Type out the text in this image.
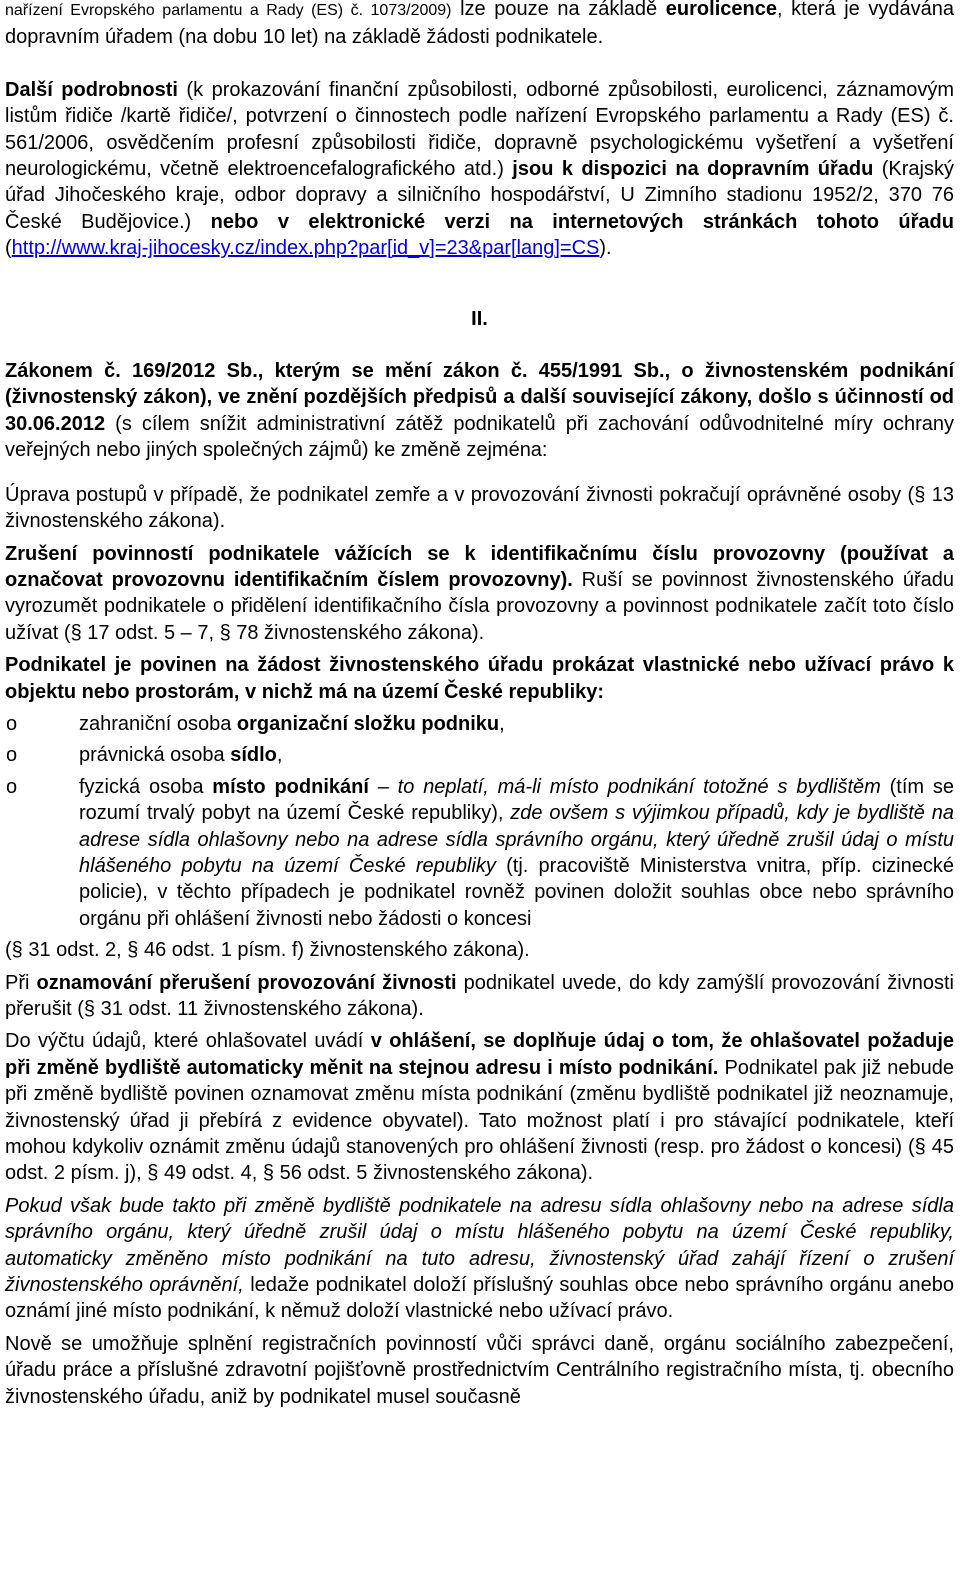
nařízení Evropského parlamentu a Rady (ES) č. 1073/2009) lze pouze na základě eurolicence, která je vydávána dopravním úřadem (na dobu 10 let) na základě žádosti podnikatele.

Další podrobnosti (k prokazování finanční způsobilosti, odborné způsobilosti, eurolicenci, záznamovým listům řidiče /kartě řidiče/, potvrzení o činnostech podle nařízení Evropského parlamentu a Rady (ES) č. 561/2006, osvědčením profesní způsobilosti řidiče, dopravně psychologickému vyšetření a vyšetření neurologickému, včetně elektroencefalografického atd.) jsou k dispozici na dopravním úřadu (Krajský úřad Jihočeského kraje, odbor dopravy a silničního hospodářství, U Zimního stadionu 1952/2, 370 76 České Budějovice.) nebo v elektronické verzi na internetových stránkách tohoto úřadu (http://www.kraj-jihocesky.cz/index.php?par[id_v]=23&par[lang]=CS).

II.

Zákonem č. 169/2012 Sb., kterým se mění zákon č. 455/1991 Sb., o živnostenském podnikání (živnostenský zákon), ve znění pozdějších předpisů a další související zákony, došlo s účinností od 30.06.2012 (s cílem snížit administrativní zátěž podnikatelů při zachování odůvodnitelné míry ochrany veřejných nebo jiných společných zájmů) ke změně zejména:

Úprava postupů v případě, že podnikatel zemře a v provozování živnosti pokračují oprávněné osoby (§ 13 živnostenského zákona).

Zrušení povinností podnikatele vážících se k identifikačnímu číslu provozovny (používat a označovat provozovnu identifikačním číslem provozovny). Ruší se povinnost živnostenského úřadu vyrozumět podnikatele o přidělení identifikačního čísla provozovny a povinnost podnikatele začít toto číslo užívat (§ 17 odst. 5 – 7, § 78 živnostenského zákona).

Podnikatel je povinen na žádost živnostenského úřadu prokázat vlastnické nebo užívací právo k objektu nebo prostorám, v nichž má na území České republiky:

o	zahraniční osoba organizační složku podniku,
o	právnická osoba sídlo,
o	fyzická osoba místo podnikání – to neplatí, má-li místo podnikání totožné s bydlištěm (tím se rozumí trvalý pobyt na území České republiky), zde ovšem s výjimkou případů, kdy je bydliště na adrese sídla ohlašovny nebo na adrese sídla správního orgánu, který úředně zrušil údaj o místu hlášeného pobytu na území České republiky (tj. pracoviště Ministerstva vnitra, příp. cizinecké policie), v těchto případech je podnikatel rovněž povinen doložit souhlas obce nebo správního orgánu při ohlášení živnosti nebo žádosti o koncesi

(§ 31 odst. 2, § 46 odst. 1 písm. f) živnostenského zákona).

Při oznamování přerušení provozování živnosti podnikatel uvede, do kdy zamýšlí provozování živnosti přerušit (§ 31 odst. 11 živnostenského zákona).

Do výčtu údajů, které ohlašovatel uvádí v ohlášení, se doplňuje údaj o tom, že ohlašovatel požaduje při změně bydliště automaticky měnit na stejnou adresu i místo podnikání. Podnikatel pak již nebude při změně bydliště povinen oznamovat změnu místa podnikání (změnu bydliště podnikatel již neoznamuje, živnostenský úřad ji přebírá z evidence obyvatel). Tato možnost platí i pro stávající podnikatele, kteří mohou kdykoliv oznámit změnu údajů stanovených pro ohlášení živnosti (resp. pro žádost o koncesi) (§ 45 odst. 2 písm. j), § 49 odst. 4, § 56 odst. 5 živnostenského zákona).

Pokud však bude takto při změně bydliště podnikatele na adresu sídla ohlašovny nebo na adrese sídla správního orgánu, který úředně zrušil údaj o místu hlášeného pobytu na území České republiky, automaticky změněno místo podnikání na tuto adresu, živnostenský úřad zahájí řízení o zrušení živnostenského oprávnění, ledaže podnikatel doloží příslušný souhlas obce nebo správního orgánu anebo oznámí jiné místo podnikání, k němuž doloží vlastnické nebo užívací právo.

Nově se umožňuje splnění registračních povinností vůči správci daně, orgánu sociálního zabezpečení, úřadu práce a příslušné zdravotní pojišťovně prostřednictvím Centrálního registračního místa, tj. obecního živnostenského úřadu, aniž by podnikatel musel současně
